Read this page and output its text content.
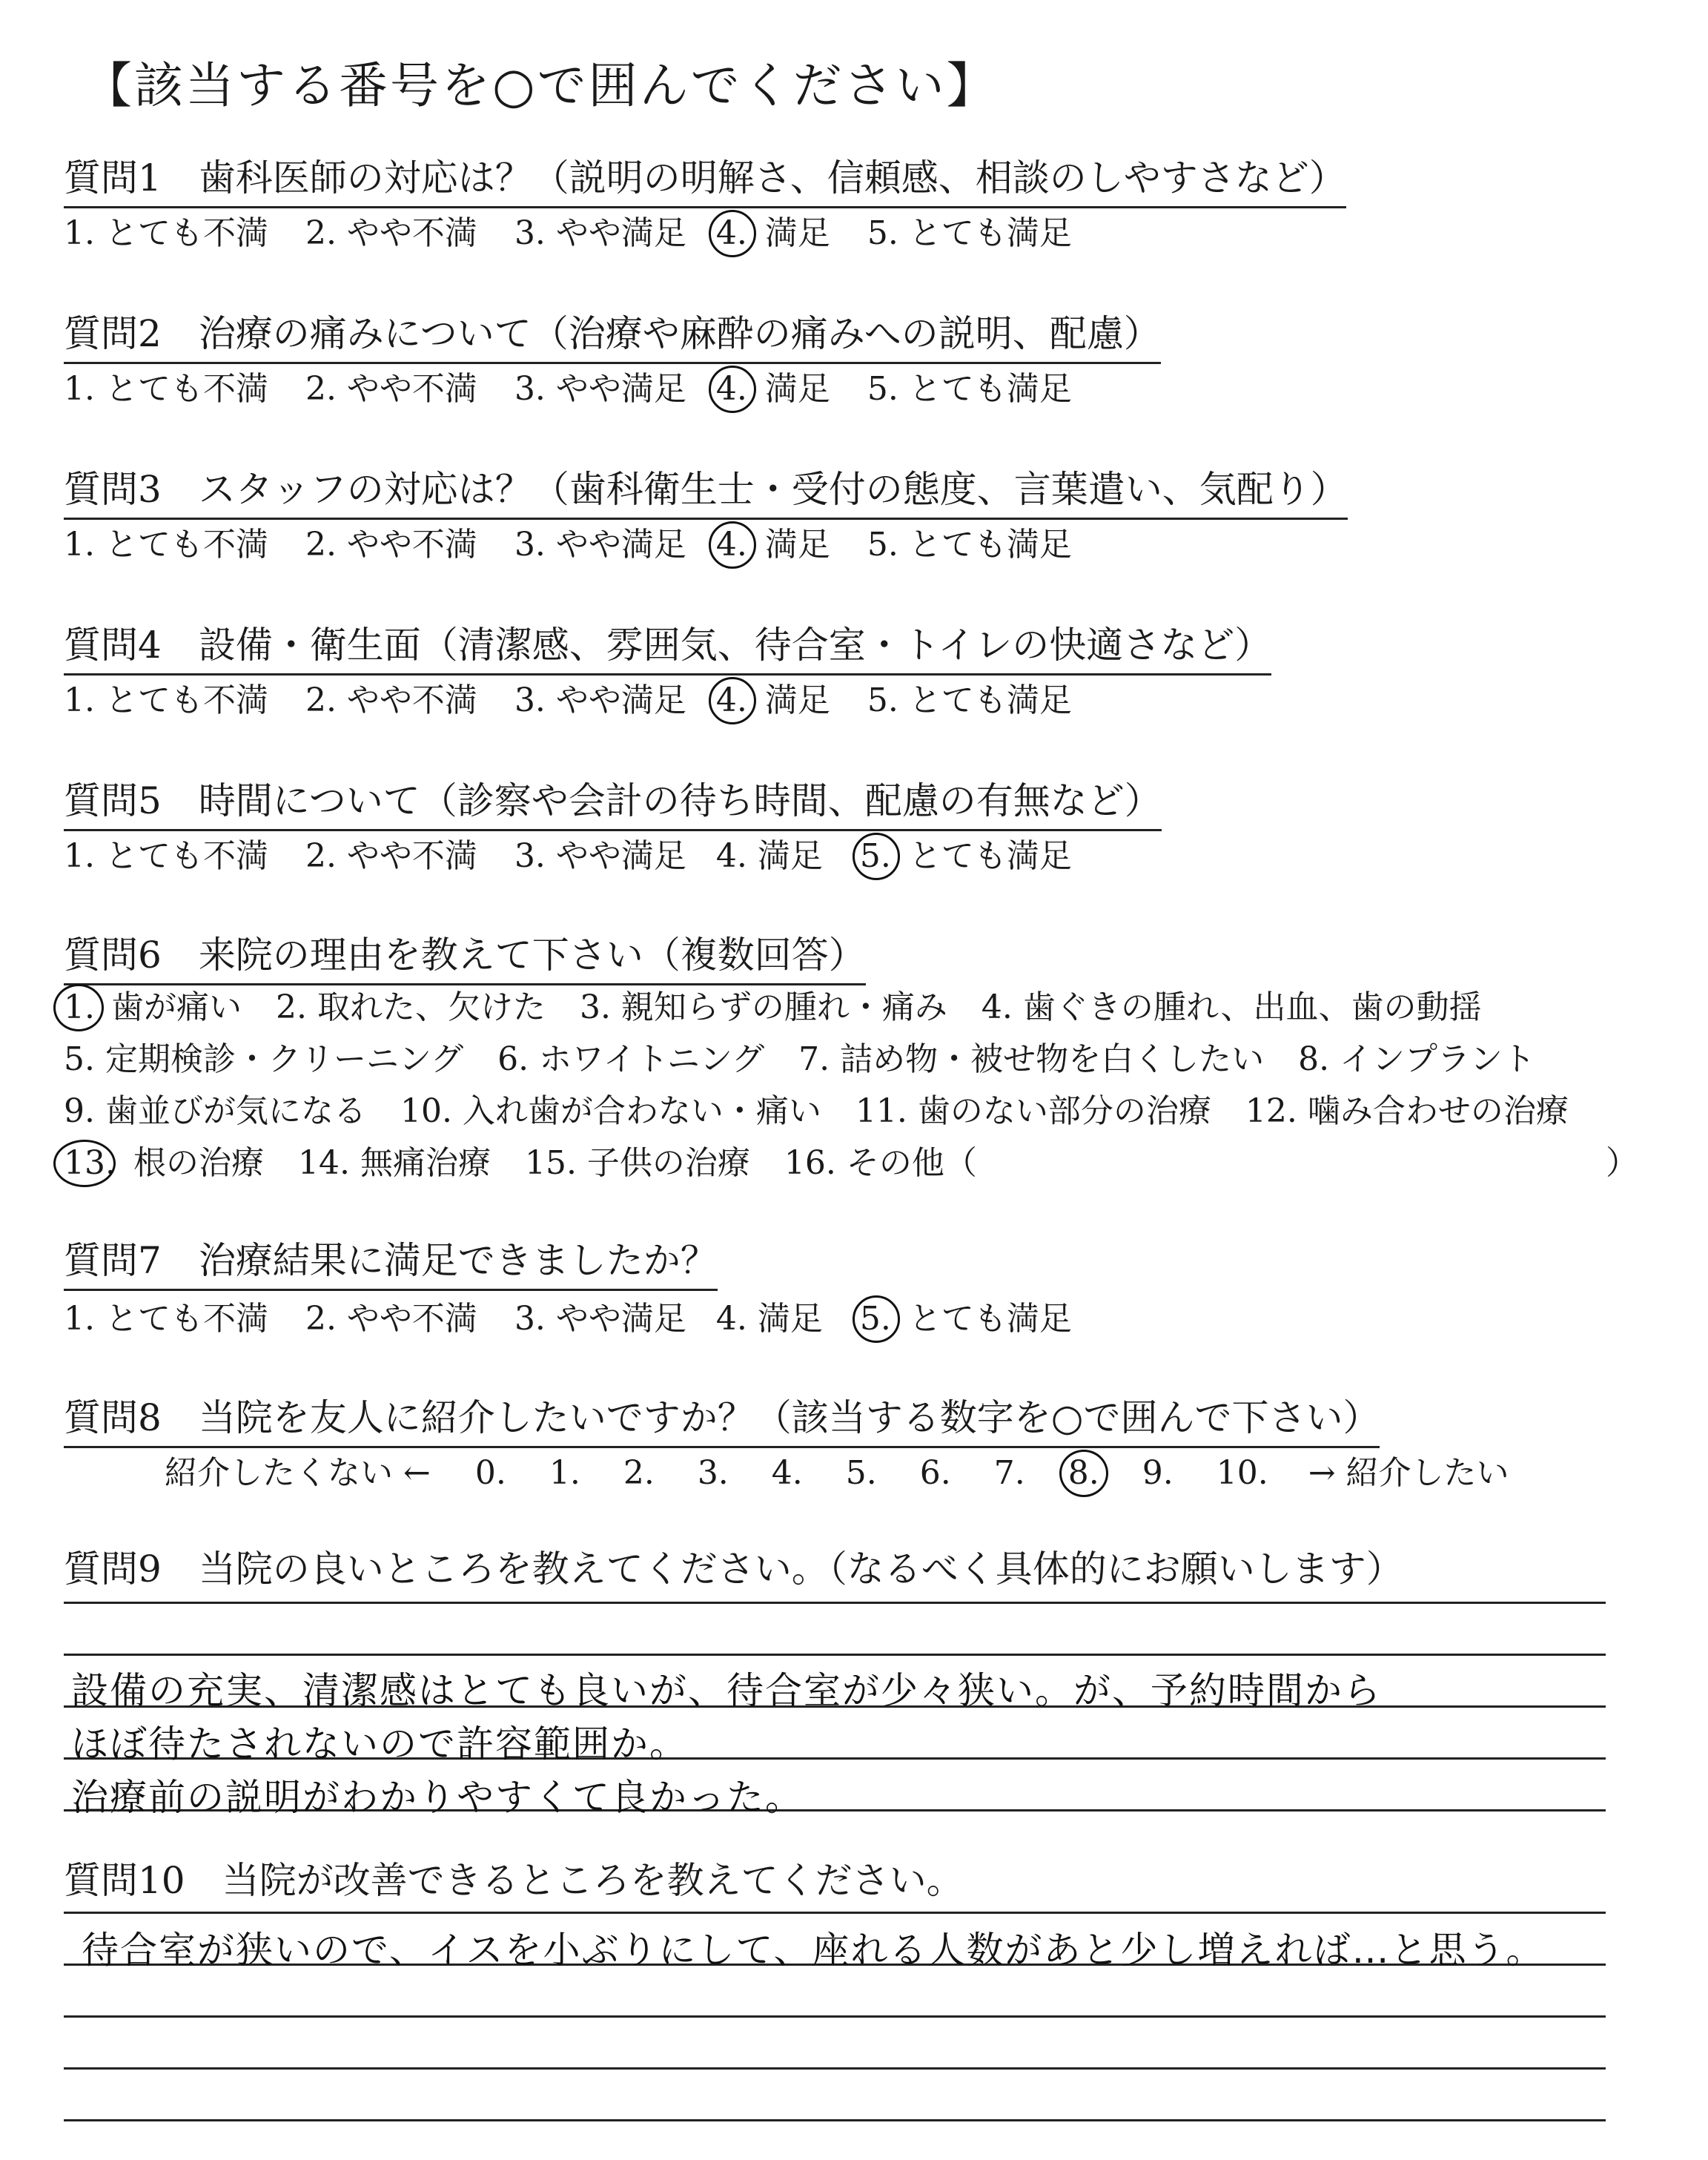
【該当する番号を○で囲んでください】
質問1 歯科医師の対応は？（説明の明解さ、信頼感、相談のしやすさなど）
1. とても不満 2. やや不満 3. やや満足 4. 満足 5. とても満足
質問2 治療の痛みについて（治療や麻酔の痛みへの説明、配慮）
1. とても不満 2. やや不満 3. やや満足 4. 満足 5. とても満足
質問3 スタッフの対応は？（歯科衛生士・受付の態度、言葉遣い、気配り）
1. とても不満 2. やや不満 3. やや満足 4. 満足 5. とても満足
質問4 設備・衛生面（清潔感、雰囲気、待合室・トイレの快適さなど）
1. とても不満 2. やや不満 3. やや満足 4. 満足 5. とても満足
質問5 時間について（診察や会計の待ち時間、配慮の有無など）
1. とても不満 2. やや不満 3. やや満足 4. 満足 5. とても満足
質問6 来院の理由を教えて下さい（複数回答）
1. 歯が痛い 2. 取れた、欠けた 3. 親知らずの腫れ・痛み 4. 歯ぐきの腫れ、出血、歯の動揺
5. 定期検診・クリーニング 6. ホワイトニング 7. 詰め物・被せ物を白くしたい 8. インプラント
9. 歯並びが気になる 10. 入れ歯が合わない・痛い 11. 歯のない部分の治療 12. 噛み合わせの治療
13. 根の治療 14. 無痛治療 15. 子供の治療 16. その他（	）
質問7 治療結果に満足できましたか？
1. とても不満 2. やや不満 3. やや満足 4. 満足 5. とても満足
質問8 当院を友人に紹介したいですか？（該当する数字を○で囲んで下さい）
紹介したくない ← 0. 1. 2. 3. 4. 5. 6. 7. 8. 9. 10. → 紹介したい
質問9 当院の良いところを教えてください。（なるべく具体的にお願いします）
設備の充実、清潔感はとても良いが、待合室が少々狭い。が、予約時間から
ほぼ待たされないので許容範囲か。
治療前の説明がわかりやすくて良かった。
質問10 当院が改善できるところを教えてください。
待合室が狭いので、イスを小ぶりにして、座れる人数があと少し増えれば…と思う。
